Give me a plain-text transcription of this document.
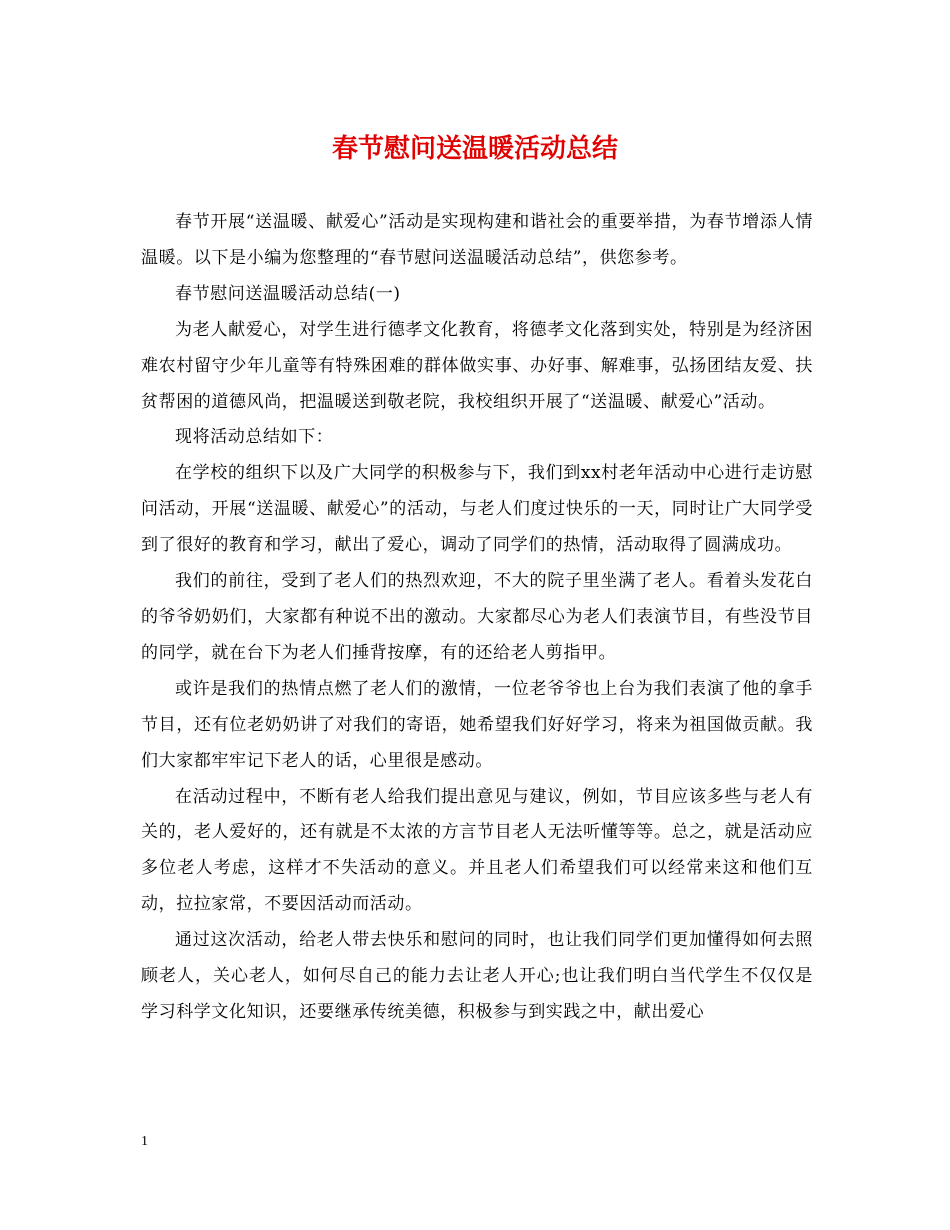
春节慰问送温暖活动总结

春节开展“送温暖、献爱心”活动是实现构建和谐社会的重要举措，为春节增添人情温暖。以下是小编为您整理的“春节慰问送温暖活动总结”，供您参考。

春节慰问送温暖活动总结(一)

为老人献爱心，对学生进行德孝文化教育，将德孝文化落到实处，特别是为经济困难农村留守少年儿童等有特殊困难的群体做实事、办好事、解难事，弘扬团结友爱、扶贫帮困的道德风尚，把温暖送到敬老院，我校组织开展了“送温暖、献爱心”活动。

现将活动总结如下：

在学校的组织下以及广大同学的积极参与下，我们到xx村老年活动中心进行走访慰问活动，开展“送温暖、献爱心”的活动，与老人们度过快乐的一天，同时让广大同学受到了很好的教育和学习，献出了爱心，调动了同学们的热情，活动取得了圆满成功。

我们的前往，受到了老人们的热烈欢迎，不大的院子里坐满了老人。看着头发花白的爷爷奶奶们，大家都有种说不出的激动。大家都尽心为老人们表演节目，有些没节目的同学，就在台下为老人们捶背按摩，有的还给老人剪指甲。

或许是我们的热情点燃了老人们的激情，一位老爷爷也上台为我们表演了他的拿手节目，还有位老奶奶讲了对我们的寄语，她希望我们好好学习，将来为祖国做贡献。我们大家都牢牢记下老人的话，心里很是感动。

在活动过程中，不断有老人给我们提出意见与建议，例如，节目应该多些与老人有关的，老人爱好的，还有就是不太浓的方言节目老人无法听懂等等。总之，就是活动应多位老人考虑，这样才不失活动的意义。并且老人们希望我们可以经常来这和他们互动，拉拉家常，不要因活动而活动。

通过这次活动，给老人带去快乐和慰问的同时，也让我们同学们更加懂得如何去照顾老人，关心老人，如何尽自己的能力去让老人开心;也让我们明白当代学生不仅仅是学习科学文化知识，还要继承传统美德，积极参与到实践之中，献出爱心

1
